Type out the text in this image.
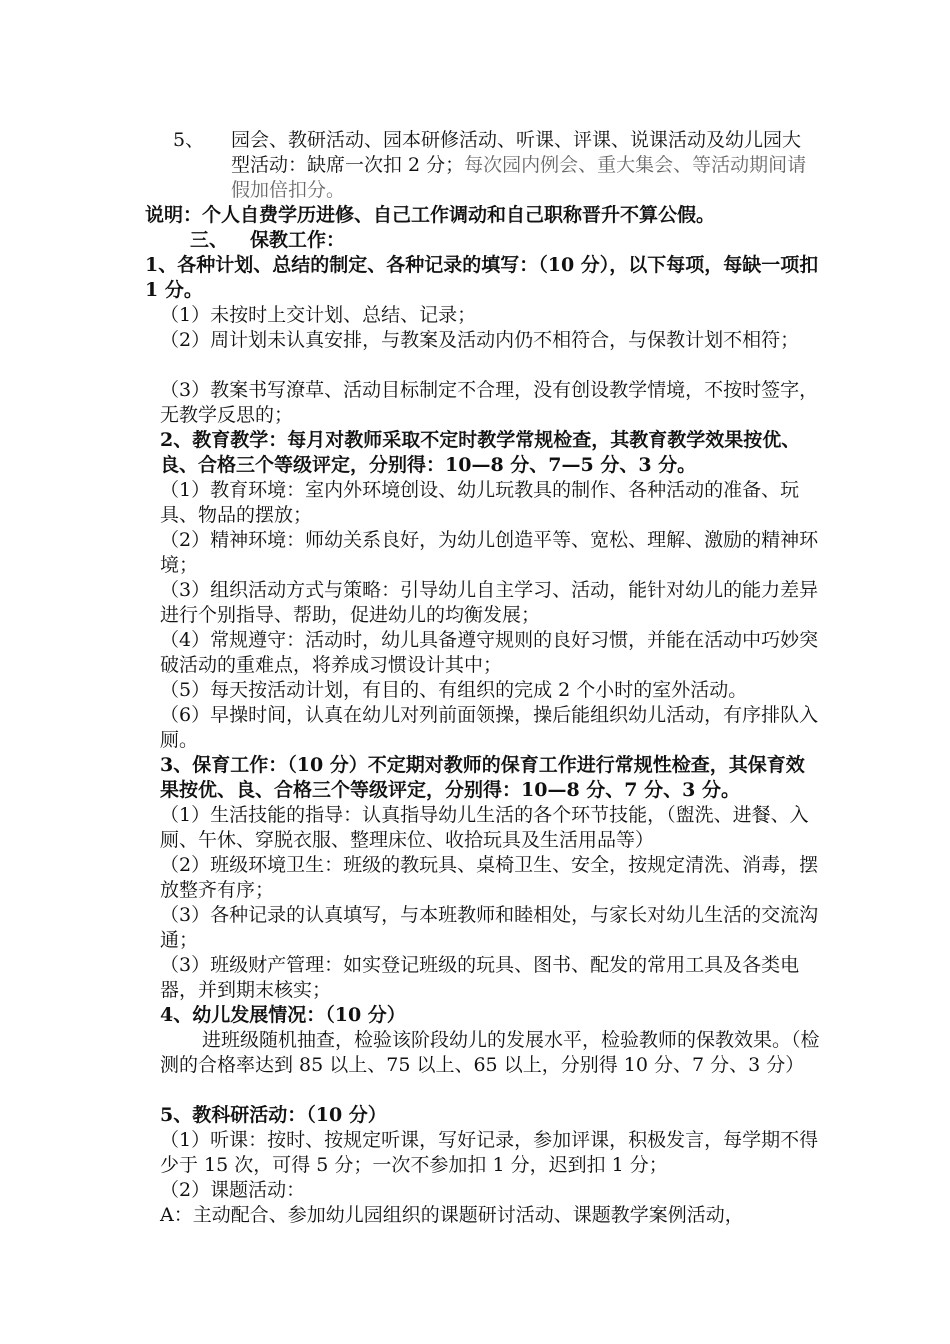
5、 园会、教研活动、园本研修活动、听课、评课、说课活动及幼儿园大型活动：缺席一次扣 2 分；每次园内例会、重大集会、等活动期间请假加倍扣分。

说明：个人自费学历进修、自己工作调动和自己职称晋升不算公假。

三、 保教工作：

1、各种计划、总结的制定、各种记录的填写：（10 分），以下每项，每缺一项扣 1 分。

（1）未按时上交计划、总结、记录；

（2）周计划未认真安排，与教案及活动内仍不相符合，与保教计划不相符；

（3）教案书写潦草、活动目标制定不合理，没有创设教学情境，不按时签字，无教学反思的；

2、教育教学：每月对教师采取不定时教学常规检查，其教育教学效果按优、良、合格三个等级评定，分别得：10—8 分、7—5 分、3 分。

（1）教育环境：室内外环境创设、幼儿玩教具的制作、各种活动的准备、玩具、物品的摆放；

（2）精神环境：师幼关系良好，为幼儿创造平等、宽松、理解、激励的精神环境；

（3）组织活动方式与策略：引导幼儿自主学习、活动，能针对幼儿的能力差异进行个别指导、帮助，促进幼儿的均衡发展；

（4）常规遵守：活动时，幼儿具备遵守规则的良好习惯，并能在活动中巧妙突破活动的重难点，将养成习惯设计其中；

（5）每天按活动计划，有目的、有组织的完成 2 个小时的室外活动。

（6）早操时间，认真在幼儿对列前面领操，操后能组织幼儿活动，有序排队入厕。

3、保育工作：（10 分）不定期对教师的保育工作进行常规性检查，其保育效果按优、良、合格三个等级评定，分别得：10—8 分、7 分、3 分。

（1）生活技能的指导：认真指导幼儿生活的各个环节技能，（盥洗、进餐、入厕、午休、穿脱衣服、整理床位、收拾玩具及生活用品等）

（2）班级环境卫生：班级的教玩具、桌椅卫生、安全，按规定清洗、消毒，摆放整齐有序；

（3）各种记录的认真填写，与本班教师和睦相处，与家长对幼儿生活的交流沟通；

（3）班级财产管理：如实登记班级的玩具、图书、配发的常用工具及各类电器，并到期末核实；

4、幼儿发展情况：（10 分）

进班级随机抽查，检验该阶段幼儿的发展水平，检验教师的保教效果。（检测的合格率达到 85 以上、75 以上、65 以上，分别得 10 分、7 分、3 分）

5、教科研活动：（10 分）

（1）听课：按时、按规定听课，写好记录，参加评课，积极发言，每学期不得少于 15 次，可得 5 分；一次不参加扣 1 分，迟到扣 1 分；

（2）课题活动：

A：主动配合、参加幼儿园组织的课题研讨活动、课题教学案例活动，
